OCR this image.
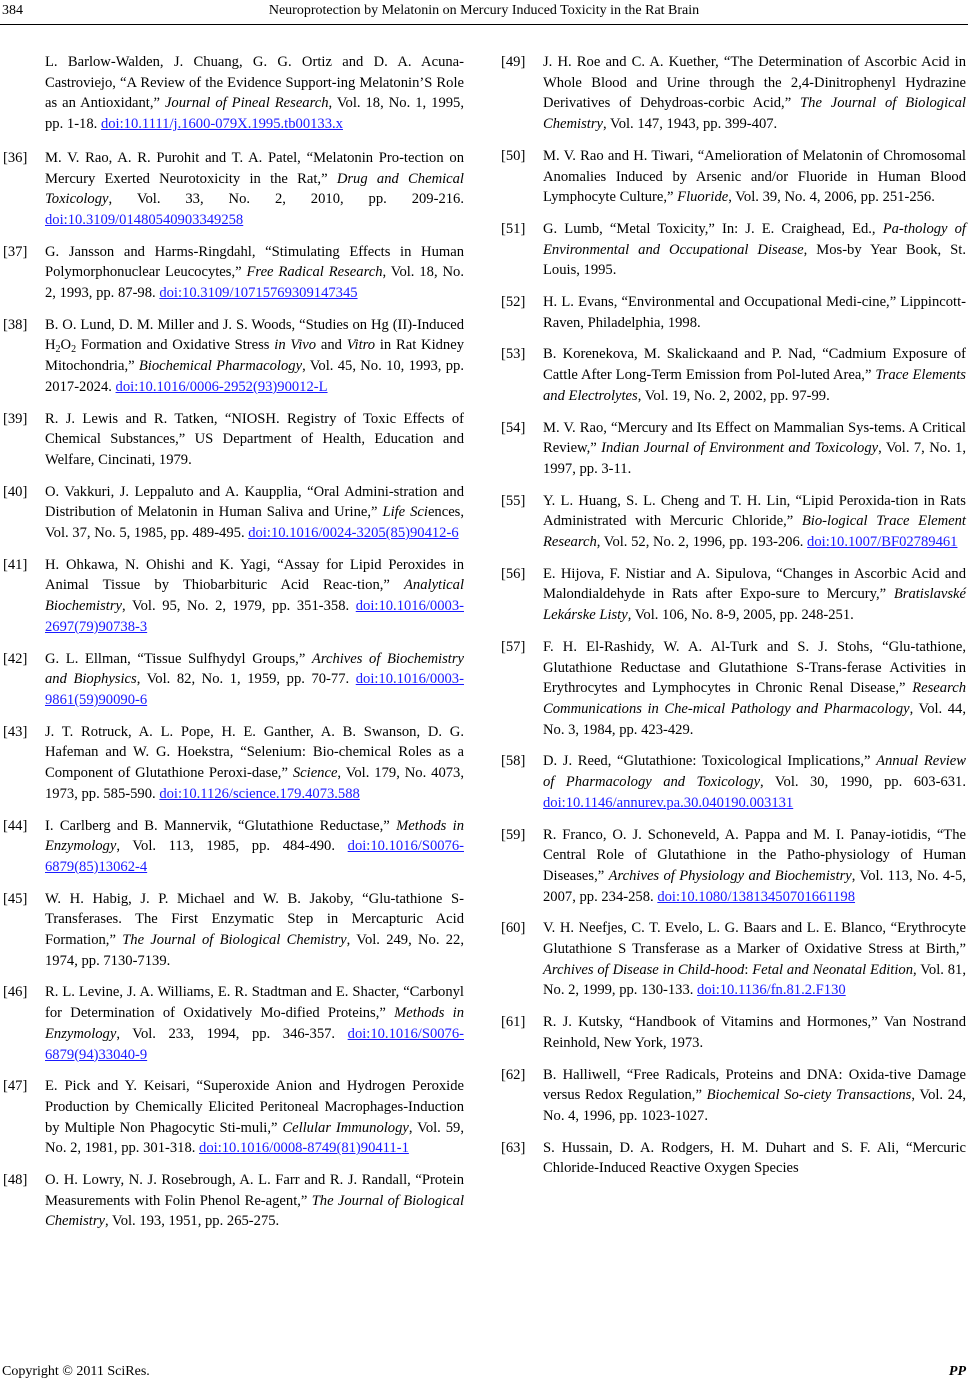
384	Neuroprotection by Melatonin on Mercury Induced Toxicity in the Rat Brain
L. Barlow-Walden, J. Chuang, G. G. Ortiz and D. A. Acuna-Castroviejo, “A Review of the Evidence Support-ing Melatonin’S Role as an Antioxidant,” Journal of Pineal Research, Vol. 18, No. 1, 1995, pp. 1-18. doi:10.1111/j.1600-079X.1995.tb00133.x
[36] M. V. Rao, A. R. Purohit and T. A. Patel, “Melatonin Pro-tection on Mercury Exerted Neurotoxicity in the Rat,” Drug and Chemical Toxicology, Vol. 33, No. 2, 2010, pp. 209-216. doi:10.3109/01480540903349258
[37] G. Jansson and Harms-Ringdahl, “Stimulating Effects in Human Polymorphonuclear Leucocytes,” Free Radical Research, Vol. 18, No. 2, 1993, pp. 87-98. doi:10.3109/10715769309147345
[38] B. O. Lund, D. M. Miller and J. S. Woods, “Studies on Hg (II)-Induced $H_2O_2$ Formation and Oxidative Stress in Vivo and Vitro in Rat Kidney Mitochondria,” Biochemical Pharmacology, Vol. 45, No. 10, 1993, pp. 2017-2024. doi:10.1016/0006-2952(93)90012-L
[39] R. J. Lewis and R. Tatken, “NIOSH. Registry of Toxic Effects of Chemical Substances,” US Department of Health, Education and Welfare, Cincinati, 1979.
[40] O. Vakkuri, J. Leppaluto and A. Kaupplia, “Oral Admini-stration and Distribution of Melatonin in Human Saliva and Urine,” Life Sciences, Vol. 37, No. 5, 1985, pp. 489-495. doi:10.1016/0024-3205(85)90412-6
[41] H. Ohkawa, N. Ohishi and K. Yagi, “Assay for Lipid Peroxides in Animal Tissue by Thiobarbituric Acid Reac-tion,” Analytical Biochemistry, Vol. 95, No. 2, 1979, pp. 351-358. doi:10.1016/0003-2697(79)90738-3
[42] G. L. Ellman, “Tissue Sulfhydyl Groups,” Archives of Biochemistry and Biophysics, Vol. 82, No. 1, 1959, pp. 70-77. doi:10.1016/0003-9861(59)90090-6
[43] J. T. Rotruck, A. L. Pope, H. E. Ganther, A. B. Swanson, D. G. Hafeman and W. G. Hoekstra, “Selenium: Bio-chemical Roles as a Component of Glutathione Peroxi-dase,” Science, Vol. 179, No. 4073, 1973, pp. 585-590. doi:10.1126/science.179.4073.588
[44] I. Carlberg and B. Mannervik, “Glutathione Reductase,” Methods in Enzymology, Vol. 113, 1985, pp. 484-490. doi:10.1016/S0076-6879(85)13062-4
[45] W. H. Habig, J. P. Michael and W. B. Jakoby, “Glu-tathione S-Transferases. The First Enzymatic Step in Mercapturic Acid Formation,” The Journal of Biological Chemistry, Vol. 249, No. 22, 1974, pp. 7130-7139.
[46] R. L. Levine, J. A. Williams, E. R. Stadtman and E. Shacter, “Carbonyl for Determination of Oxidatively Mo-dified Proteins,” Methods in Enzymology, Vol. 233, 1994, pp. 346-357. doi:10.1016/S0076-6879(94)33040-9
[47] E. Pick and Y. Keisari, “Superoxide Anion and Hydrogen Peroxide Production by Chemically Elicited Peritoneal Macrophages-Induction by Multiple Non Phagocytic Sti-muli,” Cellular Immunology, Vol. 59, No. 2, 1981, pp. 301-318. doi:10.1016/0008-8749(81)90411-1
[48] O. H. Lowry, N. J. Rosebrough, A. L. Farr and R. J. Randall, “Protein Measurements with Folin Phenol Re-agent,” The Journal of Biological Chemistry, Vol. 193, 1951, pp. 265-275.
[49] J. H. Roe and C. A. Kuether, “The Determination of Ascorbic Acid in Whole Blood and Urine through the 2,4-Dinitrophenyl Hydrazine Derivatives of Dehydroas-corbic Acid,” The Journal of Biological Chemistry, Vol. 147, 1943, pp. 399-407.
[50] M. V. Rao and H. Tiwari, “Amelioration of Melatonin of Chromosomal Anomalies Induced by Arsenic and/or Fluoride in Human Blood Lymphocyte Culture,” Fluoride, Vol. 39, No. 4, 2006, pp. 251-256.
[51] G. Lumb, “Metal Toxicity,” In: J. E. Craighead, Ed., Pa-thology of Environmental and Occupational Disease, Mos-by Year Book, St. Louis, 1995.
[52] H. L. Evans, “Environmental and Occupational Medi-cine,” Lippincott-Raven, Philadelphia, 1998.
[53] B. Korenekova, M. Skalickaand and P. Nad, “Cadmium Exposure of Cattle After Long-Term Emission from Pol-luted Area,” Trace Elements and Electrolytes, Vol. 19, No. 2, 2002, pp. 97-99.
[54] M. V. Rao, “Mercury and Its Effect on Mammalian Sys-tems. A Critical Review,” Indian Journal of Environment and Toxicology, Vol. 7, No. 1, 1997, pp. 3-11.
[55] Y. L. Huang, S. L. Cheng and T. H. Lin, “Lipid Peroxida-tion in Rats Administrated with Mercuric Chloride,” Bio-logical Trace Element Research, Vol. 52, No. 2, 1996, pp. 193-206. doi:10.1007/BF02789461
[56] E. Hijova, F. Nistiar and A. Sipulova, “Changes in Ascorbic Acid and Malondialdehyde in Rats after Expo-sure to Mercury,” Bratislavské Lekárske Listy, Vol. 106, No. 8-9, 2005, pp. 248-251.
[57] F. H. El-Rashidy, W. A. Al-Turk and S. J. Stohs, “Glu-tathione, Glutathione Reductase and Glutathione S-Trans-ferase Activities in Erythrocytes and Lymphocytes in Chronic Renal Disease,” Research Communications in Che-mical Pathology and Pharmacology, Vol. 44, No. 3, 1984, pp. 423-429.
[58] D. J. Reed, “Glutathione: Toxicological Implications,” Annual Review of Pharmacology and Toxicology, Vol. 30, 1990, pp. 603-631. doi:10.1146/annurev.pa.30.040190.003131
[59] R. Franco, O. J. Schoneveld, A. Pappa and M. I. Panay-iotidis, “The Central Role of Glutathione in the Patho-physiology of Human Diseases,” Archives of Physiology and Biochemistry, Vol. 113, No. 4-5, 2007, pp. 234-258. doi:10.1080/13813450701661198
[60] V. H. Neefjes, C. T. Evelo, L. G. Baars and L. E. Blanco, “Erythrocyte Glutathione S Transferase as a Marker of Oxidative Stress at Birth,” Archives of Disease in Child-hood: Fetal and Neonatal Edition, Vol. 81, No. 2, 1999, pp. 130-133. doi:10.1136/fn.81.2.F130
[61] R. J. Kutsky, “Handbook of Vitamins and Hormones,” Van Nostrand Reinhold, New York, 1973.
[62] B. Halliwell, “Free Radicals, Proteins and DNA: Oxida-tive Damage versus Redox Regulation,” Biochemical So-ciety Transactions, Vol. 24, No. 4, 1996, pp. 1023-1027.
[63] S. Hussain, D. A. Rodgers, H. M. Duhart and S. F. Ali, “Mercuric Chloride-Induced Reactive Oxygen Species
Copyright © 2011 SciRes.	PP
